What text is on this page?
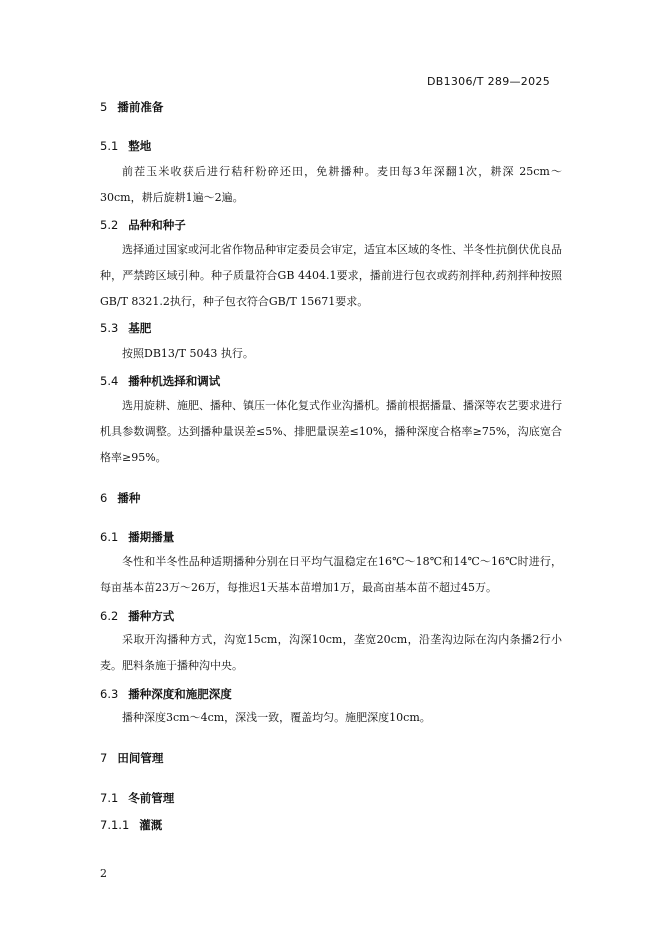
DB1306/T 289—2025
5 播前准备
5.1 整地
前茬玉米收获后进行秸秆粉碎还田，免耕播种。麦田每3年深翻1次，耕深 25cm～30cm，耕后旋耕1遍～2遍。
5.2 品种和种子
选择通过国家或河北省作物品种审定委员会审定，适宜本区域的冬性、半冬性抗倒伏优良品种，严禁跨区域引种。种子质量符合GB 4404.1要求，播前进行包衣或药剂拌种,药剂拌种按照GB/T 8321.2执行，种子包衣符合GB/T 15671要求。
5.3 基肥
按照DB13/T 5043 执行。
5.4 播种机选择和调试
选用旋耕、施肥、播种、镇压一体化复式作业沟播机。播前根据播量、播深等农艺要求进行机具参数调整。达到播种量误差≤5%、排肥量误差≤10%，播种深度合格率≥75%，沟底宽合格率≥95%。
6 播种
6.1 播期播量
冬性和半冬性品种适期播种分别在日平均气温稳定在16℃～18℃和14℃～16℃时进行，每亩基本苗23万～26万，每推迟1天基本苗增加1万，最高亩基本苗不超过45万。
6.2 播种方式
采取开沟播种方式，沟宽15cm，沟深10cm，垄宽20cm，沿垄沟边际在沟内条播2行小麦。肥料条施于播种沟中央。
6.3 播种深度和施肥深度
播种深度3cm～4cm，深浅一致，覆盖均匀。施肥深度10cm。
7 田间管理
7.1 冬前管理
7.1.1 灌溉
2
